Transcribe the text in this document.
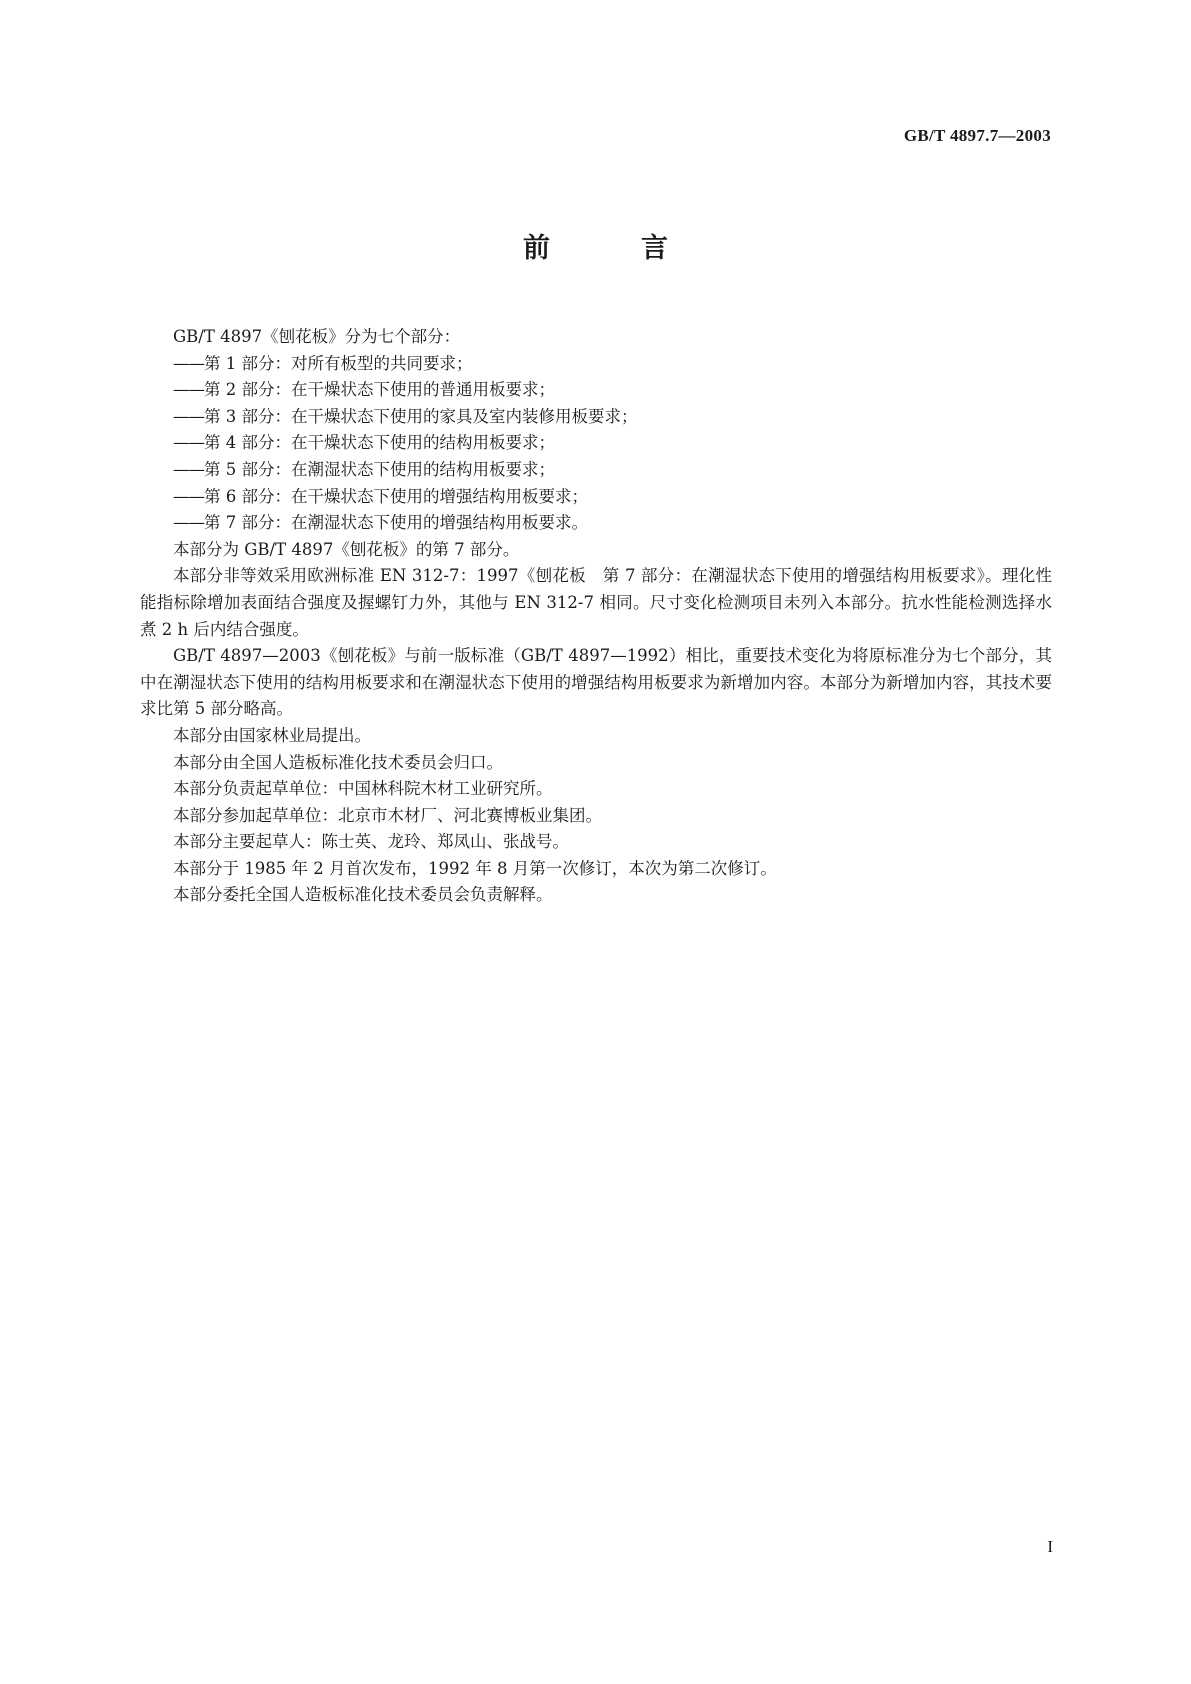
GB/T 4897.7—2003
前　言
GB/T 4897《刨花板》分为七个部分：
——第 1 部分：对所有板型的共同要求；
——第 2 部分：在干燥状态下使用的普通用板要求；
——第 3 部分：在干燥状态下使用的家具及室内装修用板要求；
——第 4 部分：在干燥状态下使用的结构用板要求；
——第 5 部分：在潮湿状态下使用的结构用板要求；
——第 6 部分：在干燥状态下使用的增强结构用板要求；
——第 7 部分：在潮湿状态下使用的增强结构用板要求。

本部分为 GB/T 4897《刨花板》的第 7 部分。

本部分非等效采用欧洲标准 EN 312-7：1997《刨花板　第 7 部分：在潮湿状态下使用的增强结构用板要求》。理化性能指标除增加表面结合强度及握螺钉力外，其他与 EN 312-7 相同。尺寸变化检测项目未列入本部分。抗水性能检测选择水煮 2 h 后内结合强度。

GB/T 4897—2003《刨花板》与前一版标准（GB/T 4897—1992）相比，重要技术变化为将原标准分为七个部分，其中在潮湿状态下使用的结构用板要求和在潮湿状态下使用的增强结构用板要求为新增加内容。本部分为新增加内容，其技术要求比第 5 部分略高。

本部分由国家林业局提出。

本部分由全国人造板标准化技术委员会归口。

本部分负责起草单位：中国林科院木材工业研究所。

本部分参加起草单位：北京市木材厂、河北赛博板业集团。

本部分主要起草人：陈士英、龙玲、郑凤山、张战号。

本部分于 1985 年 2 月首次发布，1992 年 8 月第一次修订，本次为第二次修订。

本部分委托全国人造板标准化技术委员会负责解释。

I
